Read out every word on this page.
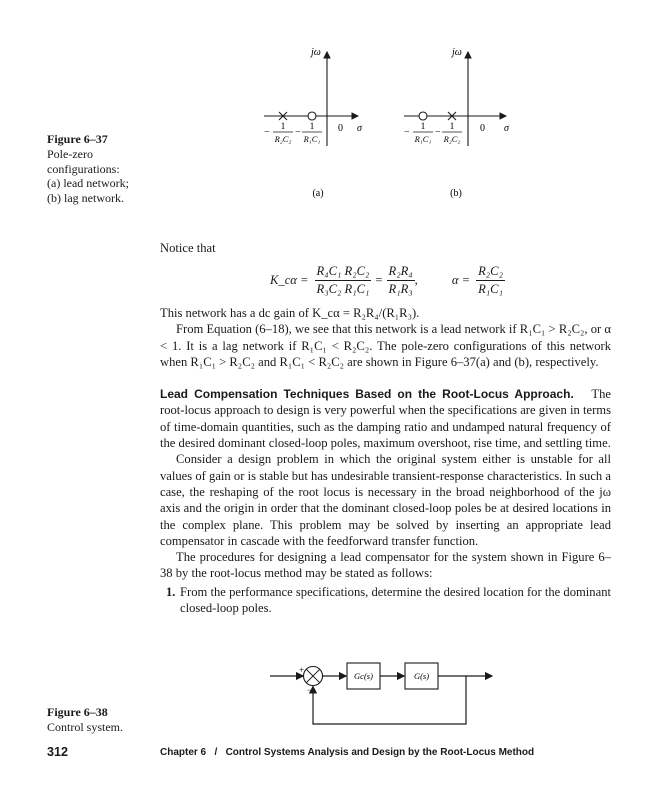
Figure 6–37
Pole-zero
configurations:
(a) lead network;
(b) lag network.
jω
σ
0
1
R₂C₂
−	1
R₁C₁
−
(a)
jω
σ
0
1
R₁C₁
−	1
R₂C₂
−
(b)
Notice that
K_cα = $\frac{\text{R₄C₁ R₂C₂}}{\text{R₃C₂ R₁C₁}} = \frac{\text{R₂R₄}}{\text{R₁R₃}}$ ,	$\alpha = \frac{\text{R₂C₂}}{\text{R₁C₁}}$

This network has a dc gain of K_cα = R₂R₄/(R₁R₃).

From Equation (6–18), we see that this network is a lead network if R₁C₁ > R₂C₂, or α < 1. It is a lag network if R₁C₁ < R₂C₂. The pole-zero configurations of this network when R₁C₁ > R₂C₂ and R₁C₁ < R₂C₂ are shown in Figure 6–37(a) and (b), respectively.

Lead Compensation Techniques Based on the Root-Locus Approach. The root-locus approach to design is very powerful when the specifications are given in terms of time-domain quantities, such as the damping ratio and undamped natural frequency of the desired dominant closed-loop poles, maximum overshoot, rise time, and settling time.

Consider a design problem in which the original system either is unstable for all values of gain or is stable but has undesirable transient-response characteristics. In such a case, the reshaping of the root locus is necessary in the broad neighborhood of the jω axis and the origin in order that the dominant closed-loop poles be at desired locations in the complex plane. This problem may be solved by inserting an appropriate lead compensator in cascade with the feedforward transfer function.

The procedures for designing a lead compensator for the system shown in Figure 6–38 by the root-locus method may be stated as follows:

1. From the performance specifications, determine the desired location for the dominant closed-loop poles.
+
−
Gc(s)	G(s)
Figure 6–38
Control system.
312	Chapter 6   /   Control Systems Analysis and Design by the Root-Locus Method
